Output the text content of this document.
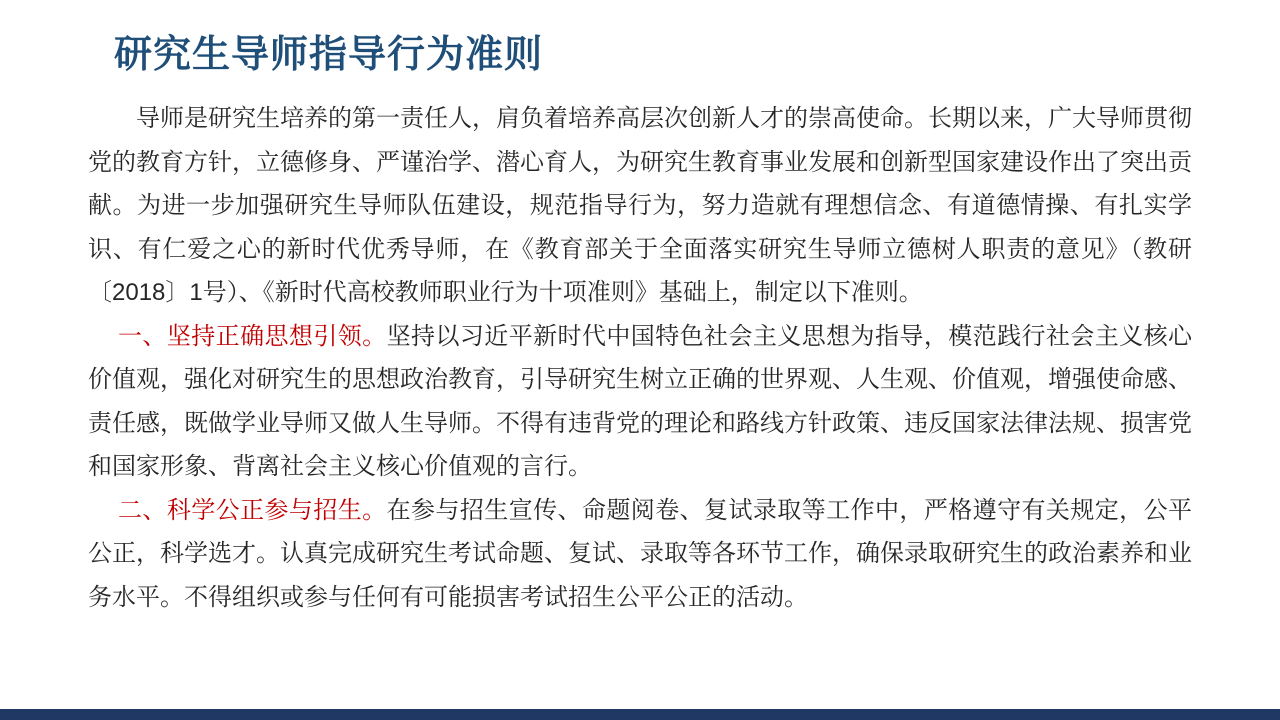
研究生导师指导行为准则

导师是研究生培养的第一责任人，肩负着培养高层次创新人才的崇高使命。长期以来，广大导师贯彻党的教育方针，立德修身、严谨治学、潜心育人，为研究生教育事业发展和创新型国家建设作出了突出贡献。为进一步加强研究生导师队伍建设，规范指导行为，努力造就有理想信念、有道德情操、有扎实学识、有仁爱之心的新时代优秀导师，在《教育部关于全面落实研究生导师立德树人职责的意见》（教研〔2018〕1号）、《新时代高校教师职业行为十项准则》基础上，制定以下准则。

一、坚持正确思想引领。坚持以习近平新时代中国特色社会主义思想为指导，模范践行社会主义核心价值观，强化对研究生的思想政治教育，引导研究生树立正确的世界观、人生观、价值观，增强使命感、责任感，既做学业导师又做人生导师。不得有违背党的理论和路线方针政策、违反国家法律法规、损害党和国家形象、背离社会主义核心价值观的言行。

二、科学公正参与招生。在参与招生宣传、命题阅卷、复试录取等工作中，严格遵守有关规定，公平公正，科学选才。认真完成研究生考试命题、复试、录取等各环节工作，确保录取研究生的政治素养和业务水平。不得组织或参与任何有可能损害考试招生公平公正的活动。
